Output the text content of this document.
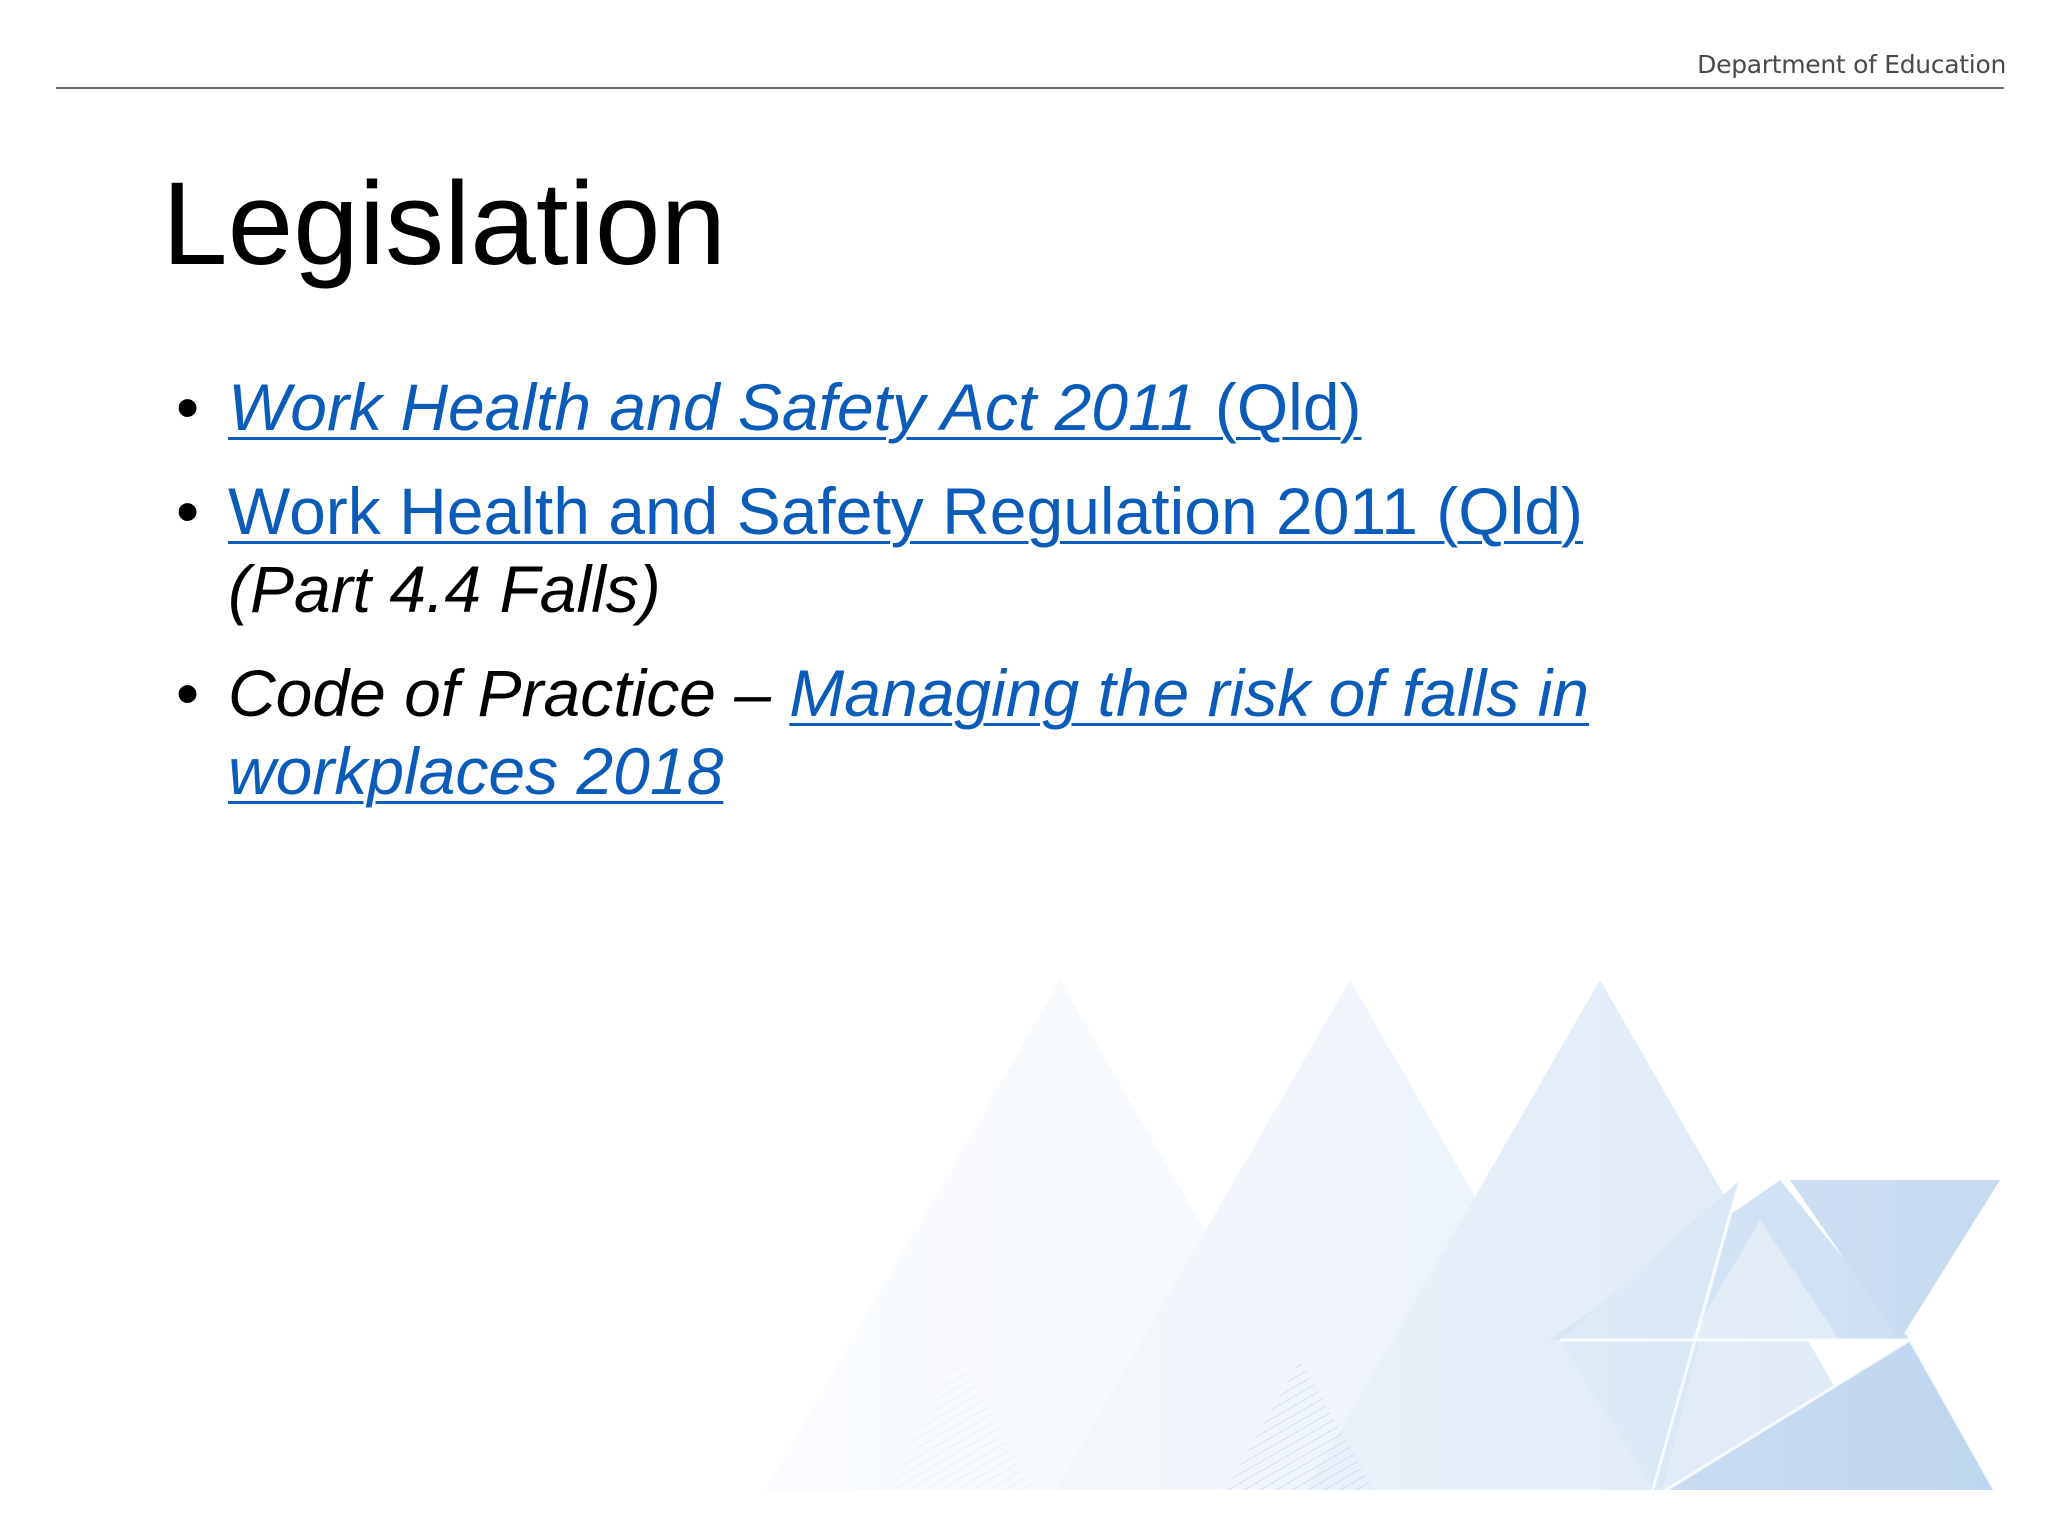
Department of Education
Legislation
• Work Health and Safety Act 2011 (Qld)
• Work Health and Safety Regulation 2011 (Qld)
(Part 4.4 Falls)
• Code of Practice – Managing the risk of falls in workplaces 2018
